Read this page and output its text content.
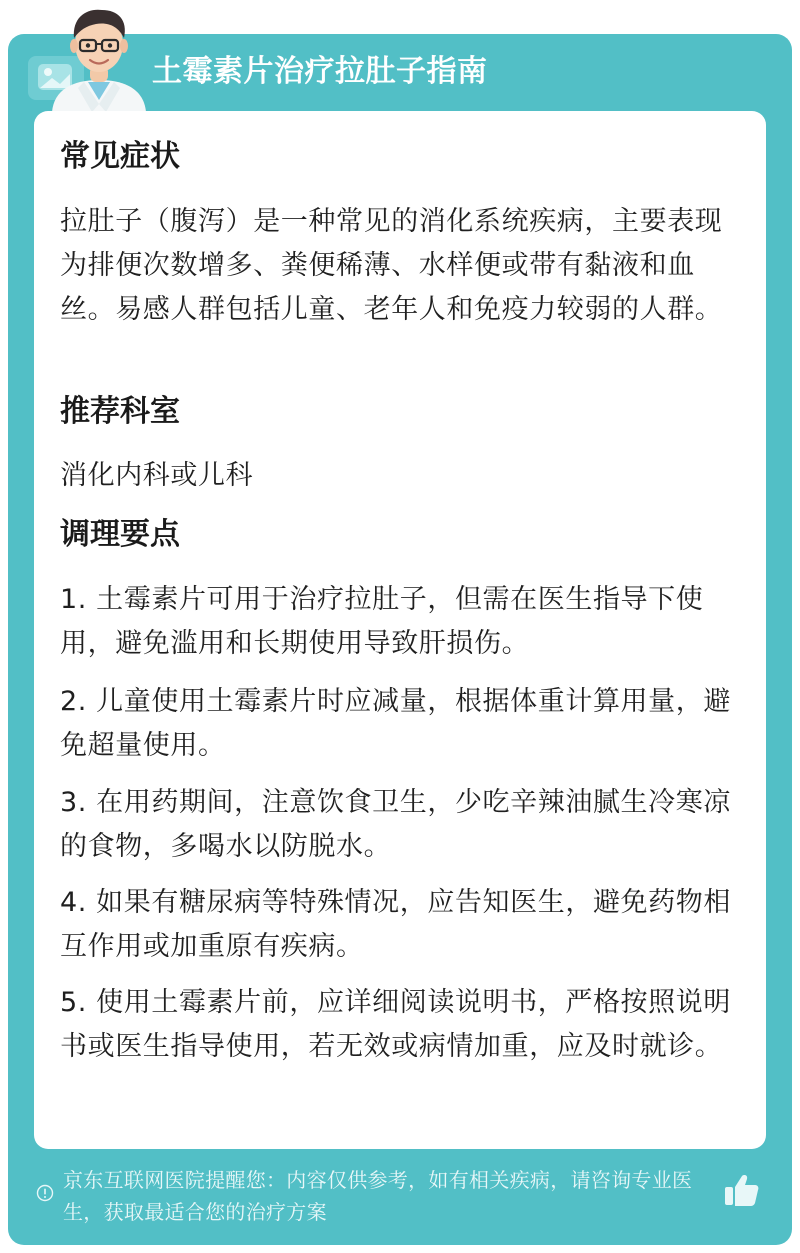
土霉素片治疗拉肚子指南
常见症状
拉肚子（腹泻）是一种常见的消化系统疾病，主要表现为排便次数增多、粪便稀薄、水样便或带有黏液和血丝。易感人群包括儿童、老年人和免疫力较弱的人群。
推荐科室
消化内科或儿科
调理要点
1. 土霉素片可用于治疗拉肚子，但需在医生指导下使用，避免滥用和长期使用导致肝损伤。
2. 儿童使用土霉素片时应减量，根据体重计算用量，避免超量使用。
3. 在用药期间，注意饮食卫生，少吃辛辣油腻生冷寒凉的食物，多喝水以防脱水。
4. 如果有糖尿病等特殊情况，应告知医生，避免药物相互作用或加重原有疾病。
5. 使用土霉素片前，应详细阅读说明书，严格按照说明书或医生指导使用，若无效或病情加重，应及时就诊。
京东互联网医院提醒您：内容仅供参考，如有相关疾病，请咨询专业医生，获取最适合您的治疗方案
